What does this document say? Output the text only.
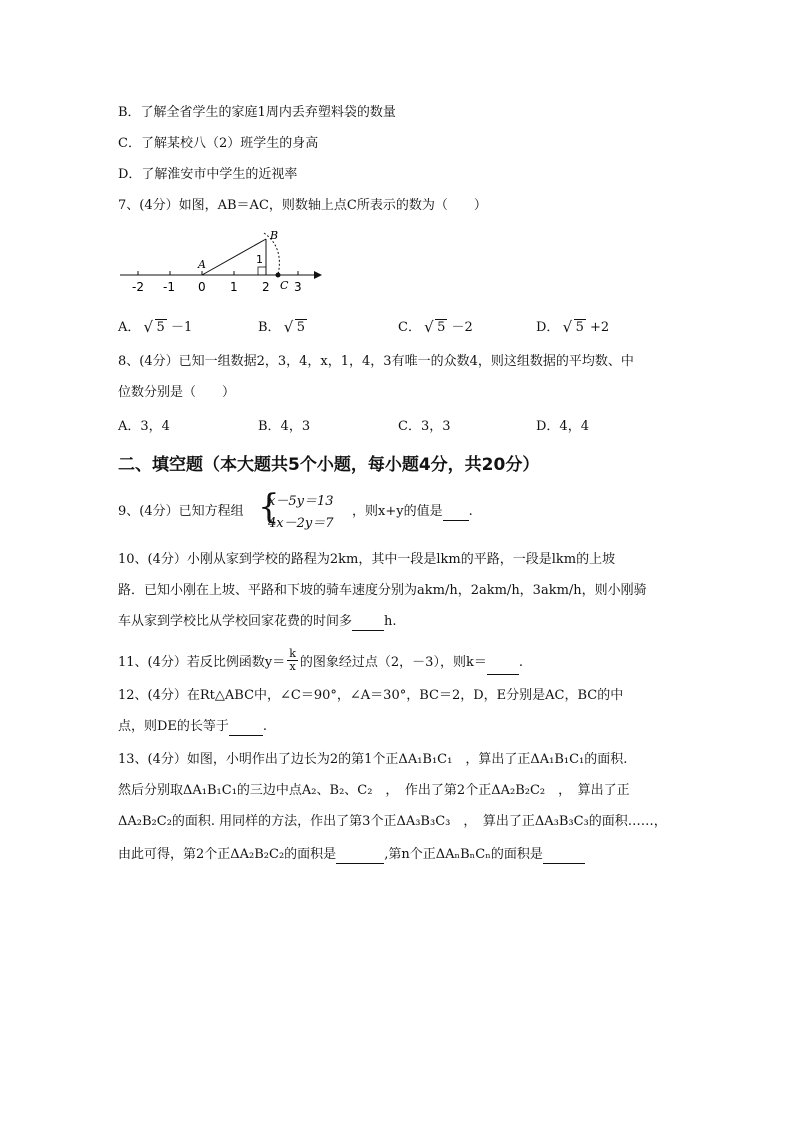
B．了解全省学生的家庭1周内丢弃塑料袋的数量
C．了解某校八（2）班学生的身高
D．了解淮安市中学生的近视率
7、(4分）如图，AB＝AC，则数轴上点C所表示的数为（　　）
-2 -1 0 1 2 3
A
B
C
1
A． √ 5 －1	B． √ 5	C． √ 5 －2	D． √ 5 +2
8、(4分）已知一组数据2，3，4，x，1，4，3有唯一的众数4，则这组数据的平均数、中
位数分别是（　　）
A．3，4	B．4，3	C．3，3	D．4，4
二、填空题（本大题共5个小题，每小题4分，共20分）
9、(4分）已知方程组 {
x－5y＝13
4x－2y＝7
，则x+y的值是 .
10、(4分）小刚从家到学校的路程为2km，其中一段是lkm的平路，一段是lkm的上坡
路．已知小刚在上坡、平路和下坡的骑车速度分别为akm/h，2akm/h，3akm/h，则小刚骑
车从家到学校比从学校回家花费的时间多 h.
11、(4分）若反比例函数$y= \frac{k}{x}$ 的图象经过点（2，－3），则k＝ .
12、(4分）在Rt△ABC中，∠C＝90°，∠A＝30°，BC＝2，D，E分别是AC，BC的中
点，则DE的长等于	.
13、(4分）如图，小明作出了边长为2的第1个正ΔA₁B₁C₁　，算出了正ΔA₁B₁C₁的面积.
然后分别取ΔA₁B₁C₁的三边中点A₂、B₂、C₂　，　作出了第2个正ΔA₂B₂C₂　，　算出了正
ΔA₂B₂C₂的面积. 用同样的方法，作出了第3个正ΔA₃B₃C₃　，　算出了正ΔA₃B₃C₃的面积……，
由此可得，第2个正ΔA₂B₂C₂的面积是	,第n个正ΔAₙBₙCₙ的面积是
